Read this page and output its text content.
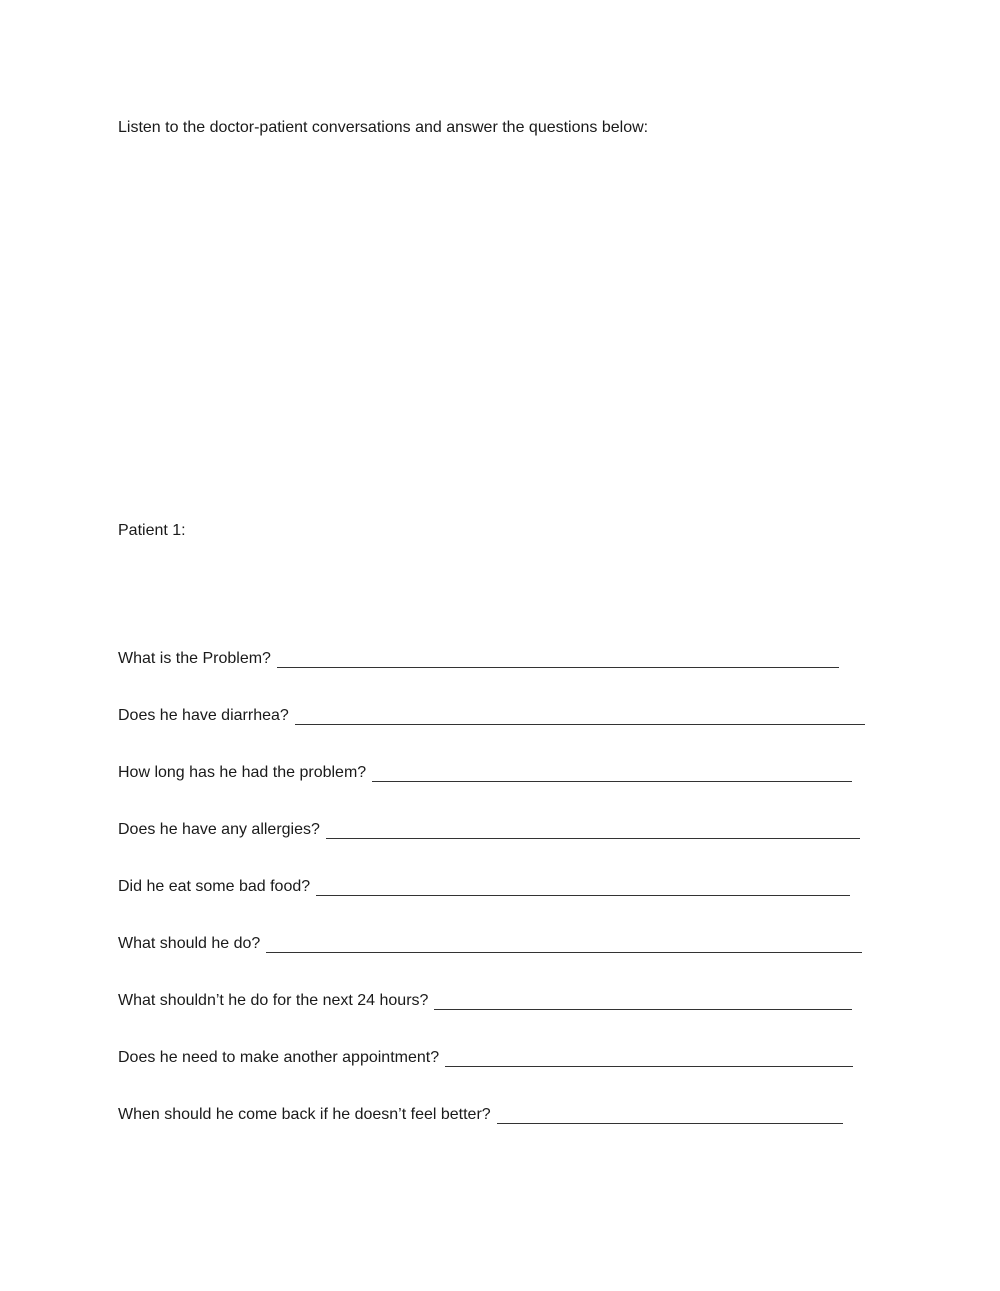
Listen to the doctor-patient conversations and answer the questions below:
Patient 1:
What is the Problem?
Does he have diarrhea?
How long has he had the problem?
Does he have any allergies?
Did he eat some bad food?
What should he do?
What shouldn’t he do for the next 24 hours?
Does he need to make another appointment?
When should he come back if he doesn’t feel better?
